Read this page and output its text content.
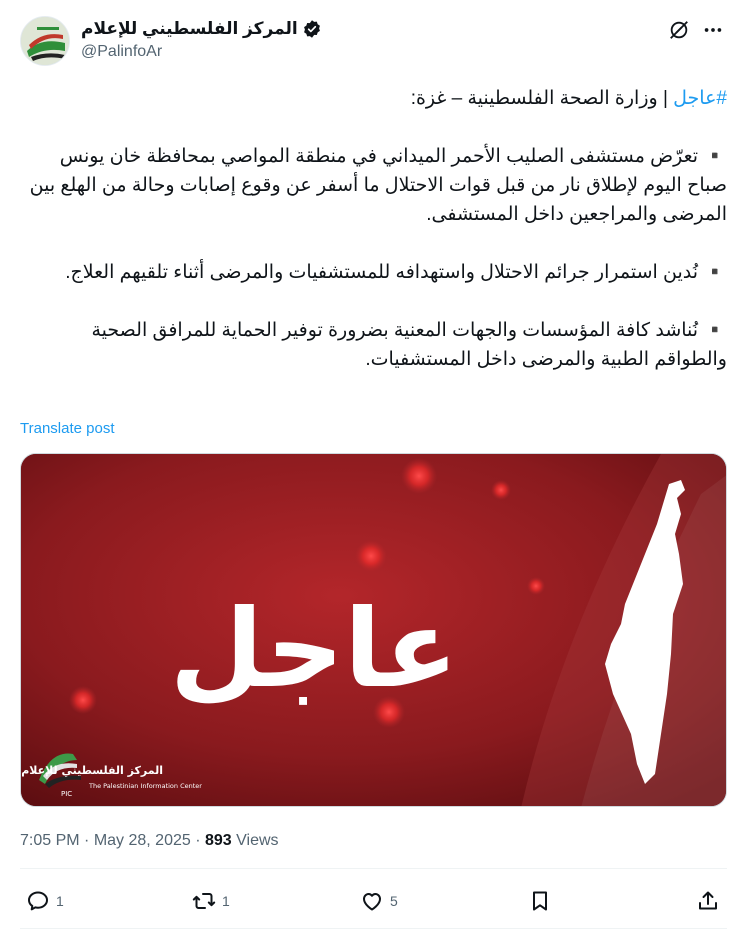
المركز الفلسطيني للإعلام
@PalinfoAr
#عاجل | وزارة الصحة الفلسطينية – غزة:

▪️ تعرّض مستشفى الصليب الأحمر الميداني في منطقة المواصي بمحافظة خان يونس صباح اليوم لإطلاق نار من قبل قوات الاحتلال ما أسفر عن وقوع إصابات وحالة من الهلع بين المرضى والمراجعين داخل المستشفى.

▪️ نُدين استمرار جرائم الاحتلال واستهدافه للمستشفيات والمرضى أثناء تلقيهم العلاج.

▪️ نُناشد كافة المؤسسات والجهات المعنية بضرورة توفير الحماية للمرافق الصحية والطواقم الطبية والمرضى داخل المستشفيات.
Translate post
عاجل
PIC
المركز الفلسطيني للإعلام
The Palestinian Information Center
7:05 PM · May 28, 2025 · 893 Views
1	1	5
